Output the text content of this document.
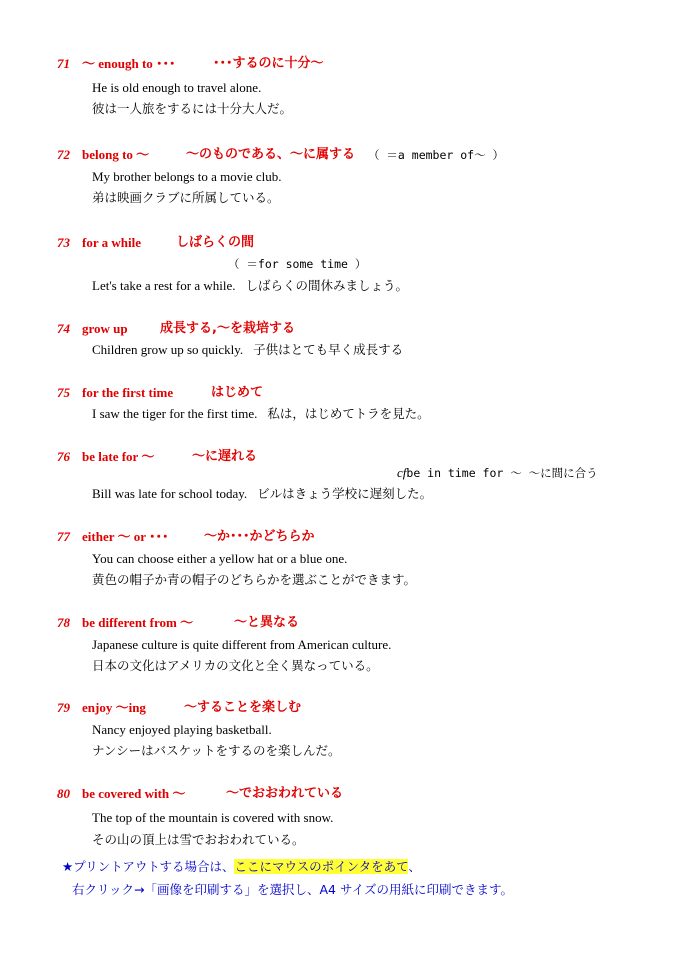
71 ～ enough to ･･･	･･･するのに十分～
He is old enough to travel alone.
彼は一人旅をするには十分大人だ。
72 belong to ～	～のものである、～に属する （ ＝a member of～ ）
My brother belongs to a movie club.
弟は映画クラブに所属している。
73 for a while	しばらくの間
（ ＝for some time ）
Let's take a rest for a while. しばらくの間休みましょう。
74 grow up 成長する,～を栽培する
Children grow up so quickly. 子供はとても早く成長する
75 for the first time	はじめて
I saw the tiger for the first time. 私は，はじめてトラを見た。
76 be late for ～	～に遅れる
cfbe in time for ～ ～に間に合う
Bill was late for school today. ビルはきょう学校に遅刻した。
77 either ～ or ･･･	～か･･･かどちらか
You can choose either a yellow hat or a blue one.
黄色の帽子か青の帽子のどちらかを選ぶことができます。
78 be different from ～	～と異なる
Japanese culture is quite different from American culture.
日本の文化はアメリカの文化と全く異なっている。
79 enjoy ～ing	～することを楽しむ
Nancy enjoyed playing basketball.
ナンシーはバスケットをするのを楽しんだ。
80 be covered with ～	～でおおわれている
The top of the mountain is covered with snow.
その山の頂上は雪でおおわれている。
★プリントアウトする場合は、ここにマウスのポインタをあて、
右クリック→「画像を印刷する」を選択し、A4 サイズの用紙に印刷できます。
